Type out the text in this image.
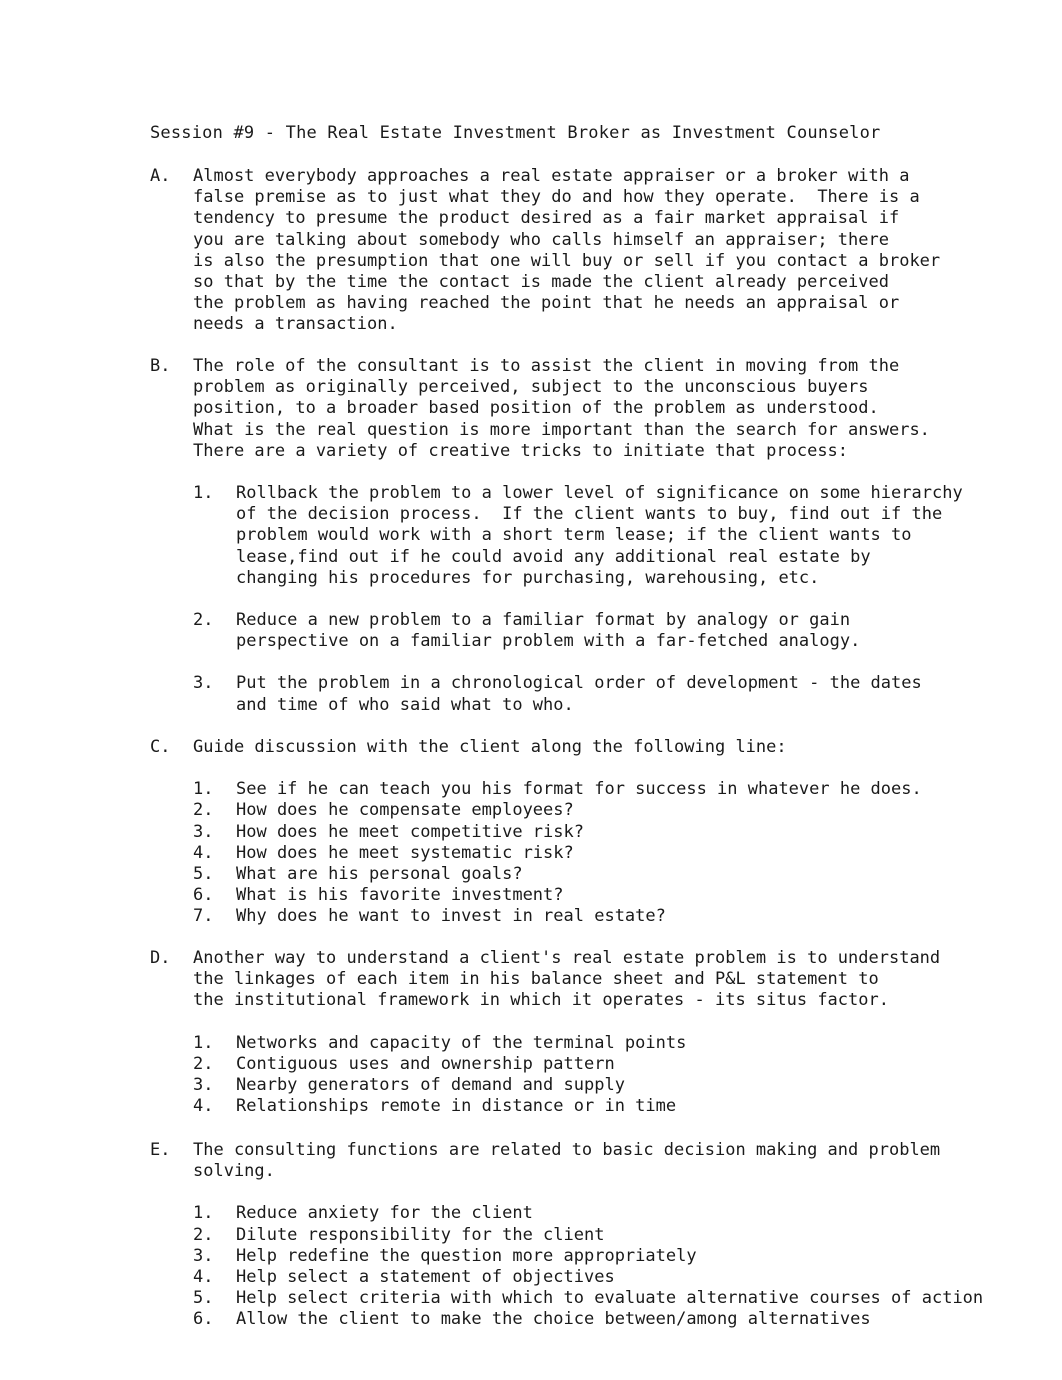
Session #9 - The Real Estate Investment Broker as Investment Counselor
A. Almost everybody approaches a real estate appraiser or a broker with a
false premise as to just what they do and how they operate.  There is a
tendency to presume the product desired as a fair market appraisal if
you are talking about somebody who calls himself an appraiser; there
is also the presumption that one will buy or sell if you contact a broker
so that by the time the contact is made the client already perceived
the problem as having reached the point that he needs an appraisal or
needs a transaction.
B. The role of the consultant is to assist the client in moving from the
problem as originally perceived, subject to the unconscious buyers
position, to a broader based position of the problem as understood.
What is the real question is more important than the search for answers.
There are a variety of creative tricks to initiate that process:
1. Rollback the problem to a lower level of significance on some hierarchy
of the decision process.  If the client wants to buy, find out if the
problem would work with a short term lease; if the client wants to
lease,find out if he could avoid any additional real estate by
changing his procedures for purchasing, warehousing, etc.
2. Reduce a new problem to a familiar format by analogy or gain
perspective on a familiar problem with a far-fetched analogy.
3. Put the problem in a chronological order of development - the dates
and time of who said what to who.
C. Guide discussion with the client along the following line:
1. See if he can teach you his format for success in whatever he does.
2. How does he compensate employees?
3. How does he meet competitive risk?
4. How does he meet systematic risk?
5. What are his personal goals?
6. What is his favorite investment?
7. Why does he want to invest in real estate?
D. Another way to understand a client's real estate problem is to understand
the linkages of each item in his balance sheet and P&L statement to
the institutional framework in which it operates - its situs factor.
1. Networks and capacity of the terminal points
2. Contiguous uses and ownership pattern
3. Nearby generators of demand and supply
4. Relationships remote in distance or in time
E. The consulting functions are related to basic decision making and problem
solving.
1. Reduce anxiety for the client
2. Dilute responsibility for the client
3. Help redefine the question more appropriately
4. Help select a statement of objectives
5. Help select criteria with which to evaluate alternative courses of action
6. Allow the client to make the choice between/among alternatives
